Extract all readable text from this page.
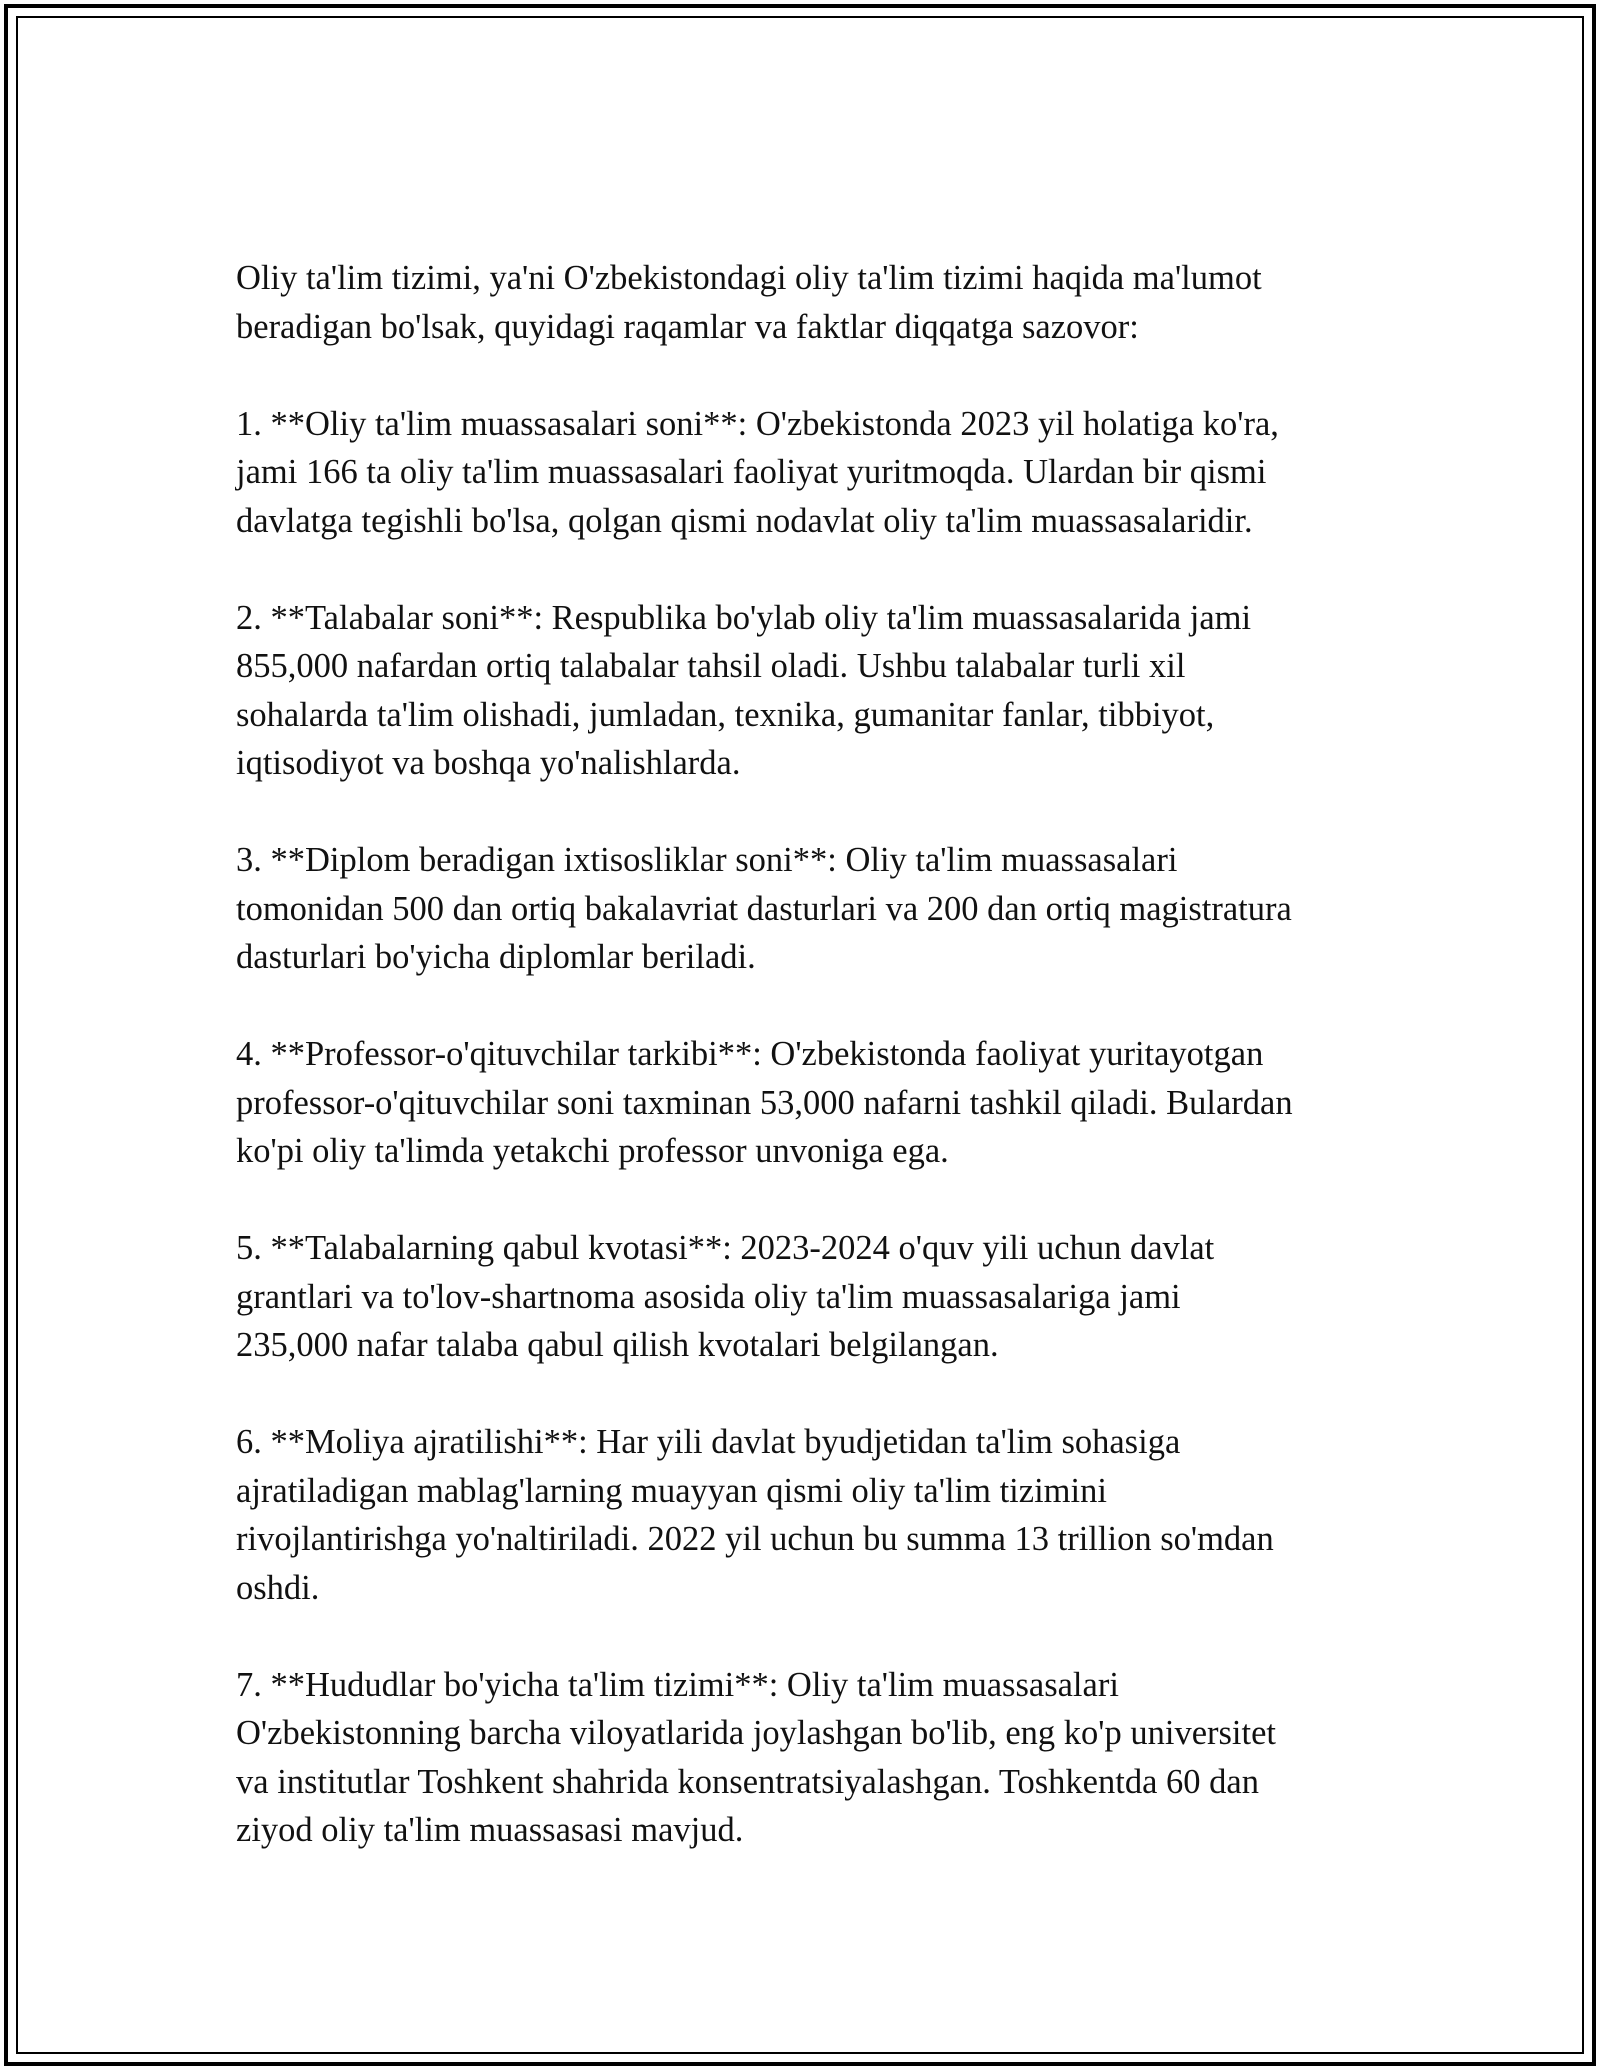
Oliy ta'lim tizimi, ya'ni O'zbekistondagi oliy ta'lim tizimi haqida ma'lumot
beradigan bo'lsak, quyidagi raqamlar va faktlar diqqatga sazovor:

1. **Oliy ta'lim muassasalari soni**: O'zbekistonda 2023 yil holatiga ko'ra,
jami 166 ta oliy ta'lim muassasalari faoliyat yuritmoqda. Ulardan bir qismi
davlatga tegishli bo'lsa, qolgan qismi nodavlat oliy ta'lim muassasalaridir.

2. **Talabalar soni**: Respublika bo'ylab oliy ta'lim muassasalarida jami
855,000 nafardan ortiq talabalar tahsil oladi. Ushbu talabalar turli xil
sohalarda ta'lim olishadi, jumladan, texnika, gumanitar fanlar, tibbiyot,
iqtisodiyot va boshqa yo'nalishlarda.

3. **Diplom beradigan ixtisosliklar soni**: Oliy ta'lim muassasalari
tomonidan 500 dan ortiq bakalavriat dasturlari va 200 dan ortiq magistratura
dasturlari bo'yicha diplomlar beriladi.

4. **Professor-o'qituvchilar tarkibi**: O'zbekistonda faoliyat yuritayotgan
professor-o'qituvchilar soni taxminan 53,000 nafarni tashkil qiladi. Bulardan
ko'pi oliy ta'limda yetakchi professor unvoniga ega.

5. **Talabalarning qabul kvotasi**: 2023-2024 o'quv yili uchun davlat
grantlari va to'lov-shartnoma asosida oliy ta'lim muassasalariga jami
235,000 nafar talaba qabul qilish kvotalari belgilangan.

6. **Moliya ajratilishi**: Har yili davlat byudjetidan ta'lim sohasiga
ajratiladigan mablag'larning muayyan qismi oliy ta'lim tizimini
rivojlantirishga yo'naltiriladi. 2022 yil uchun bu summa 13 trillion so'mdan
oshdi.

7. **Hududlar bo'yicha ta'lim tizimi**: Oliy ta'lim muassasalari
O'zbekistonning barcha viloyatlarida joylashgan bo'lib, eng ko'p universitet
va institutlar Toshkent shahrida konsentratsiyalashgan. Toshkentda 60 dan
ziyod oliy ta'lim muassasasi mavjud.
